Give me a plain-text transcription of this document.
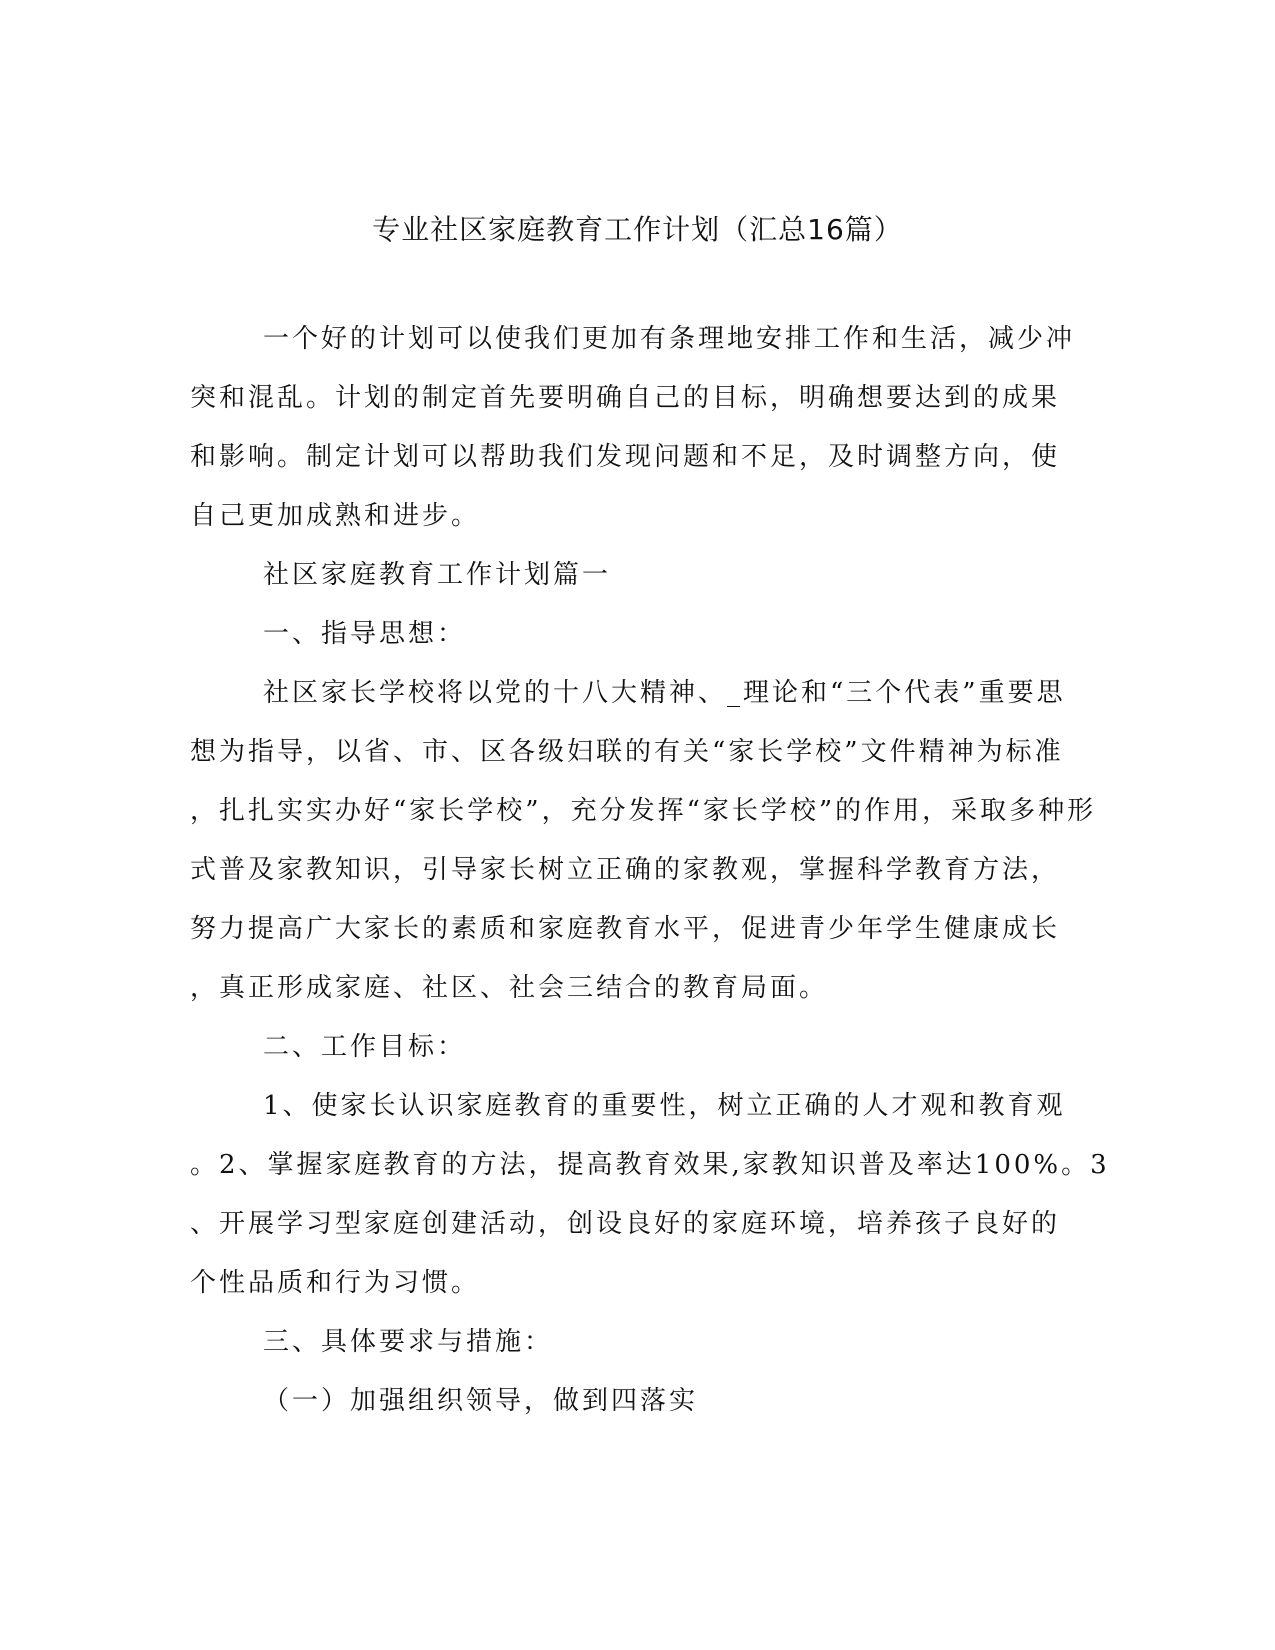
专业社区家庭教育工作计划（汇总16篇）

一个好的计划可以使我们更加有条理地安排工作和生活，减少冲

突和混乱。计划的制定首先要明确自己的目标，明确想要达到的成果

和影响。制定计划可以帮助我们发现问题和不足，及时调整方向，使

自己更加成熟和进步。

社区家庭教育工作计划篇一

一、指导思想：

社区家长学校将以党的十八大精神、_理论和“三个代表”重要思

想为指导，以省、市、区各级妇联的有关“家长学校”文件精神为标准

，扎扎实实办好“家长学校”，充分发挥“家长学校”的作用，采取多种形

式普及家教知识，引导家长树立正确的家教观，掌握科学教育方法，

努力提高广大家长的素质和家庭教育水平，促进青少年学生健康成长

，真正形成家庭、社区、社会三结合的教育局面。

二、工作目标：

1、使家长认识家庭教育的重要性，树立正确的人才观和教育观

。2、掌握家庭教育的方法，提高教育效果,家教知识普及率达100%。3

、开展学习型家庭创建活动，创设良好的家庭环境，培养孩子良好的

个性品质和行为习惯。

三、具体要求与措施：

（一）加强组织领导，做到四落实
